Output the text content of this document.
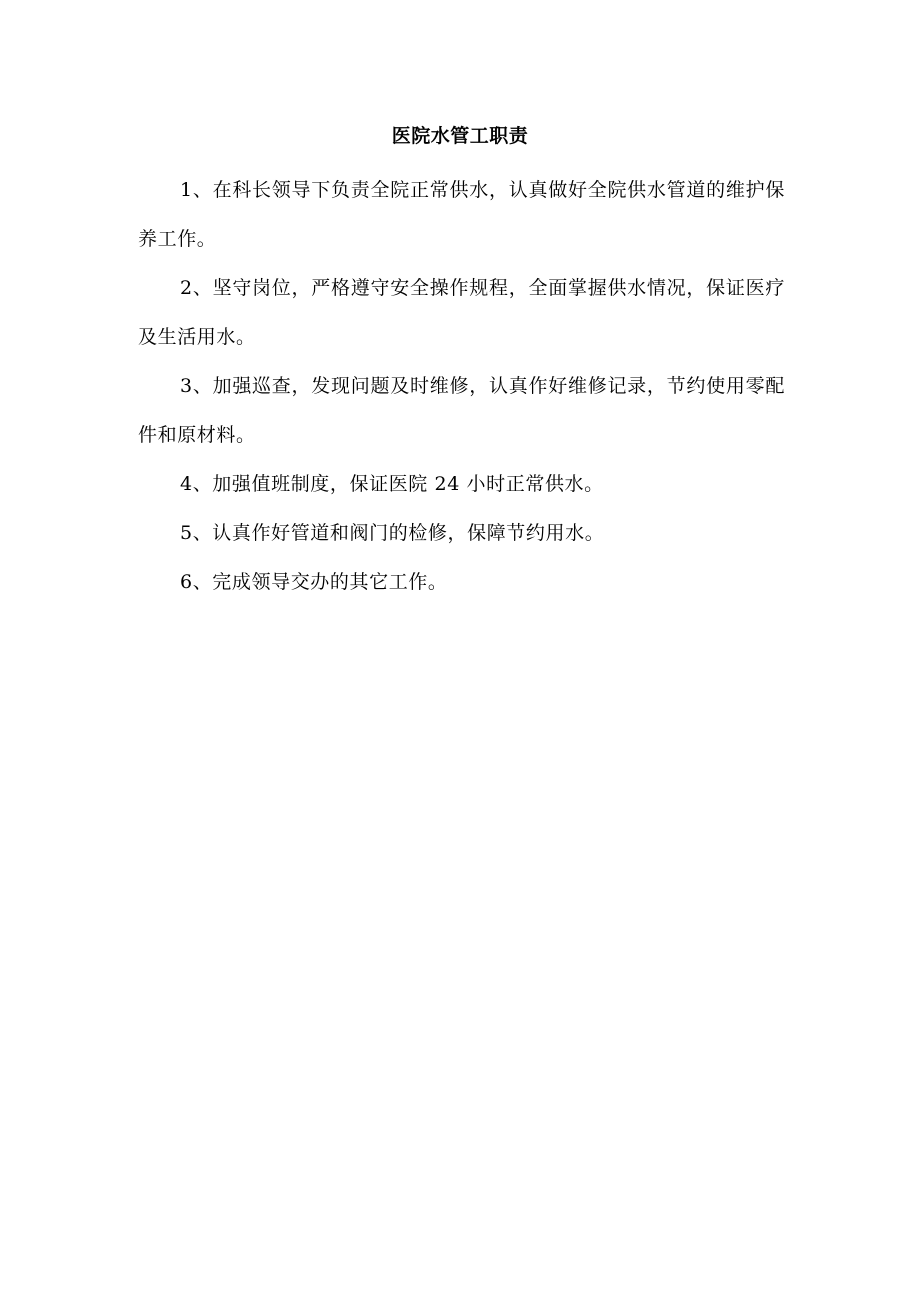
医院水管工职责

1、在科长领导下负责全院正常供水，认真做好全院供水管道的维护保养工作。

2、坚守岗位，严格遵守安全操作规程，全面掌握供水情况，保证医疗及生活用水。

3、加强巡查，发现问题及时维修，认真作好维修记录，节约使用零配件和原材料。

4、加强值班制度，保证医院 24 小时正常供水。

5、认真作好管道和阀门的检修，保障节约用水。

6、完成领导交办的其它工作。
